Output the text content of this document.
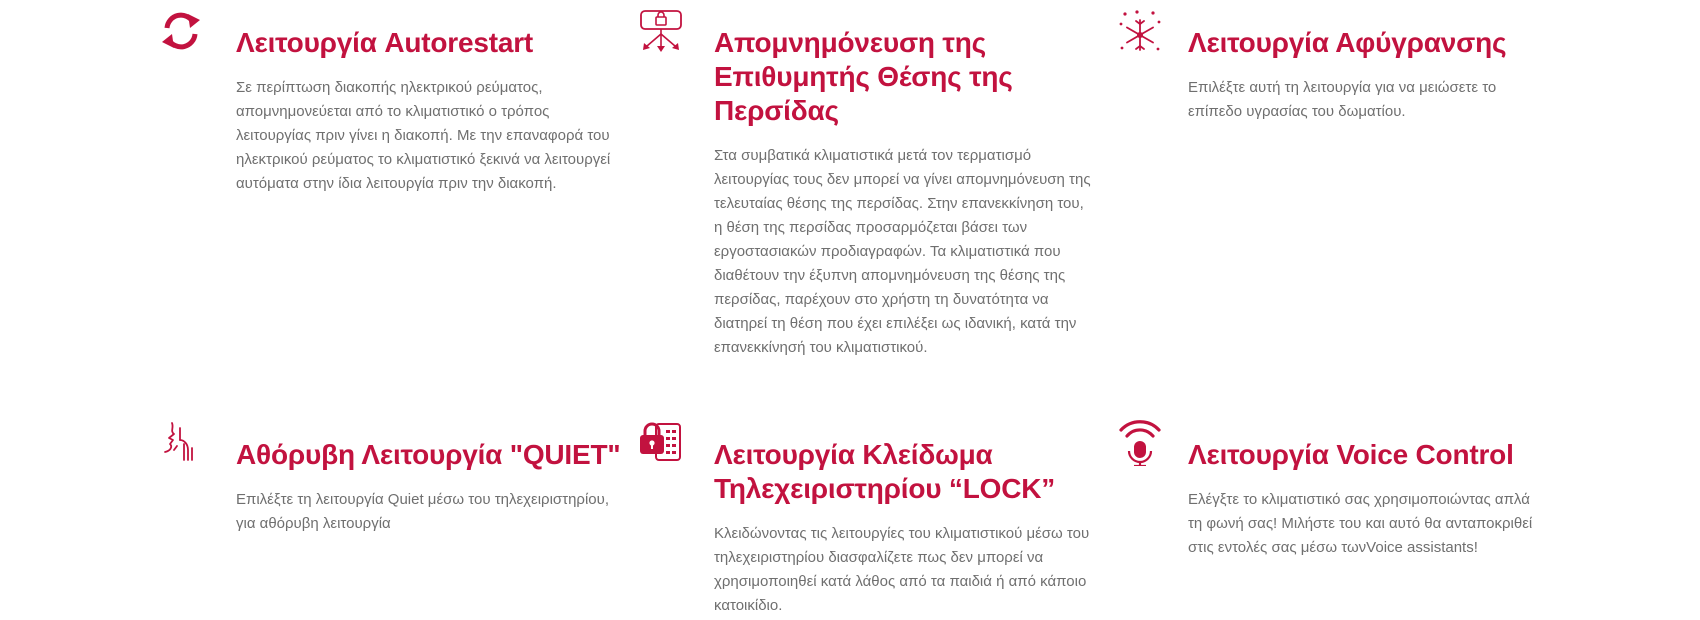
Λειτουργία Autorestart

Σε περίπτωση διακοπής ηλεκτρικού ρεύματος, απομνημονεύεται από το κλιματιστικό ο τρόπος λειτουργίας πριν γίνει η διακοπή. Με την επαναφορά του ηλεκτρικού ρεύματος το κλιματιστικό ξεκινά να λειτουργεί αυτόματα στην ίδια λειτουργία πριν την διακοπή.

Απομνημόνευση της Επιθυμητής Θέσης της Περσίδας

Στα συμβατικά κλιματιστικά μετά τον τερματισμό λειτουργίας τους δεν μπορεί να γίνει απομνημόνευση της τελευταίας θέσης της περσίδας. Στην επανεκκίνηση του, η θέση της περσίδας προσαρμόζεται βάσει των εργοστασιακών προδιαγραφών. Τα κλιματιστικά που διαθέτουν την έξυπνη απομνημόνευση της θέσης της περσίδας, παρέχουν στο χρήστη τη δυνατότητα να διατηρεί τη θέση που έχει επιλέξει ως ιδανική, κατά την επανεκκίνησή του κλιματιστικού.

Λειτουργία Αφύγρανσης

Επιλέξτε αυτή τη λειτουργία για να μειώσετε το επίπεδο υγρασίας του δωματίου.

Αθόρυβη Λειτουργία "QUIET"

Επιλέξτε τη λειτουργία Quiet μέσω του τηλεχειριστηρίου, για αθόρυβη λειτουργία

Λειτουργία Κλείδωμα Τηλεχειριστηρίου “LOCK”

Κλειδώνοντας τις λειτουργίες του κλιματιστικού μέσω του τηλεχειριστηρίου διασφαλίζετε πως δεν μπορεί να χρησιμοποιηθεί κατά λάθος από τα παιδιά ή από κάποιο κατοικίδιο.

Λειτουργία Voice Control

Ελέγξτε το κλιματιστικό σας χρησιμοποιώντας απλά τη φωνή σας! Μιλήστε του και αυτό θα ανταποκριθεί στις εντολές σας μέσω τωνVoice assistants!
